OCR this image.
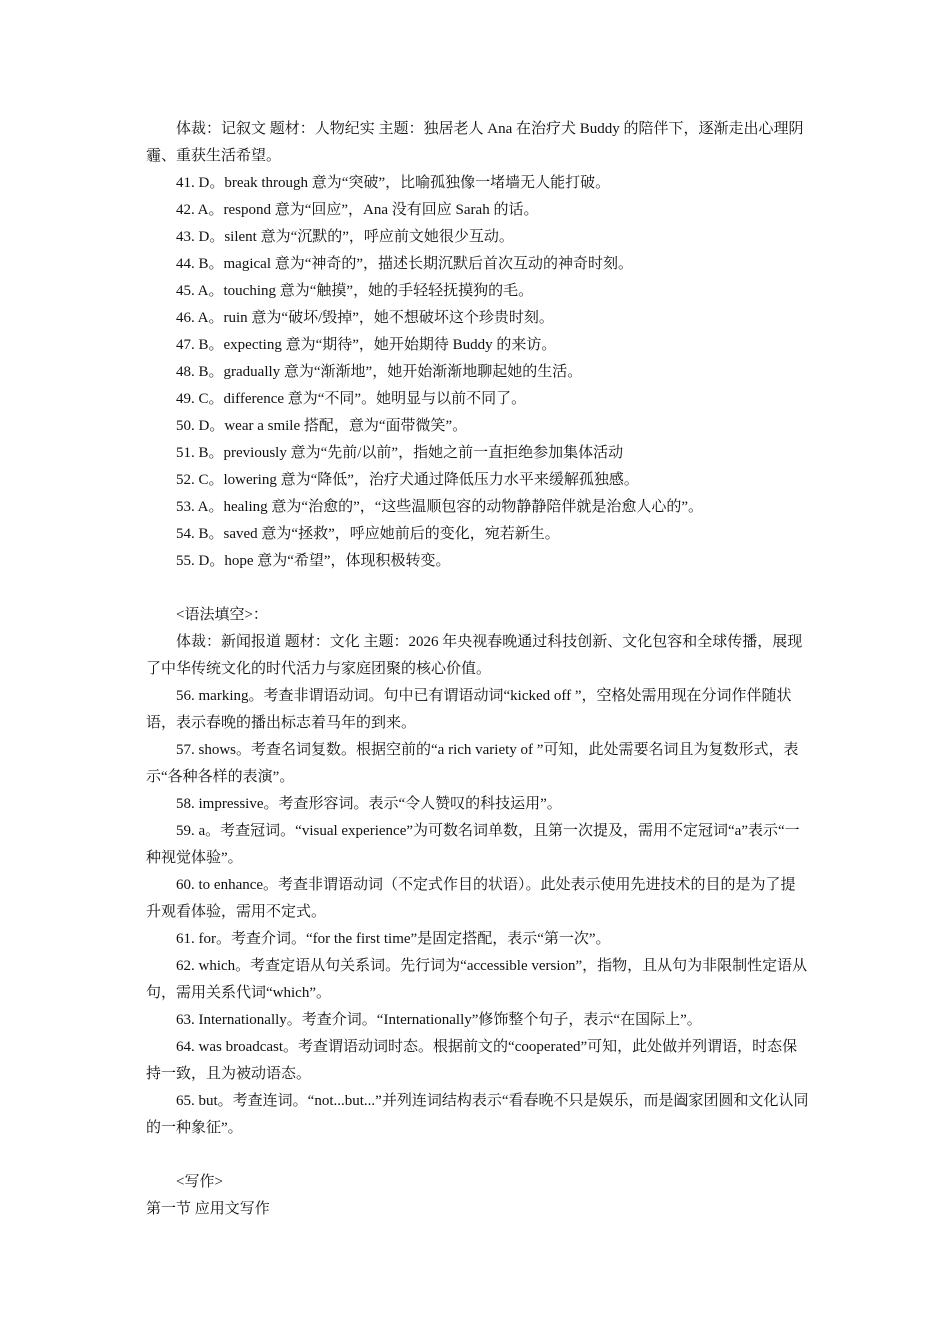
体裁：记叙文 题材：人物纪实 主题：独居老人 Ana 在治疗犬 Buddy 的陪伴下，逐渐走出心理阴霾、重获生活希望。

41. D。break through 意为“突破”，比喻孤独像一堵墙无人能打破。

42. A。respond 意为“回应”，Ana 没有回应 Sarah 的话。

43. D。silent 意为“沉默的”，呼应前文她很少互动。

44. B。magical 意为“神奇的”，描述长期沉默后首次互动的神奇时刻。

45. A。touching 意为“触摸”，她的手轻轻抚摸狗的毛。

46. A。ruin 意为“破坏/毁掉”，她不想破坏这个珍贵时刻。

47. B。expecting 意为“期待”，她开始期待 Buddy 的来访。

48. B。gradually 意为“渐渐地”，她开始渐渐地聊起她的生活。

49. C。difference 意为“不同”。她明显与以前不同了。

50. D。wear a smile 搭配，意为“面带微笑”。

51. B。previously 意为“先前/以前”，指她之前一直拒绝参加集体活动

52. C。lowering 意为“降低”，治疗犬通过降低压力水平来缓解孤独感。

53. A。healing 意为“治愈的”，“这些温顺包容的动物静静陪伴就是治愈人心的”。

54. B。saved 意为“拯救”，呼应她前后的变化，宛若新生。

55. D。hope 意为“希望”，体现积极转变。

<语法填空>：

体裁：新闻报道 题材：文化 主题：2026 年央视春晚通过科技创新、文化包容和全球传播，展现了中华传统文化的时代活力与家庭团聚的核心价值。

56. marking。考查非谓语动词。句中已有谓语动词“kicked off ”，空格处需用现在分词作伴随状语，表示春晚的播出标志着马年的到来。

57. shows。考查名词复数。根据空前的“a rich variety of ”可知，此处需要名词且为复数形式，表示“各种各样的表演”。

58. impressive。考查形容词。表示“令人赞叹的科技运用”。

59. a。考查冠词。“visual experience”为可数名词单数，且第一次提及，需用不定冠词“a”表示“一种视觉体验”。

60. to enhance。考查非谓语动词（不定式作目的状语）。此处表示使用先进技术的目的是为了提升观看体验，需用不定式。

61. for。考查介词。“for the first time”是固定搭配，表示“第一次”。

62. which。考查定语从句关系词。先行词为“accessible version”，指物，且从句为非限制性定语从句，需用关系代词“which”。

63. Internationally。考查介词。“Internationally”修饰整个句子，表示“在国际上”。

64. was broadcast。考查谓语动词时态。根据前文的“cooperated”可知，此处做并列谓语，时态保持一致，且为被动语态。

65. but。考查连词。“not...but...”并列连词结构表示“看春晚不只是娱乐，而是阖家团圆和文化认同的一种象征”。

<写作>

第一节 应用文写作
